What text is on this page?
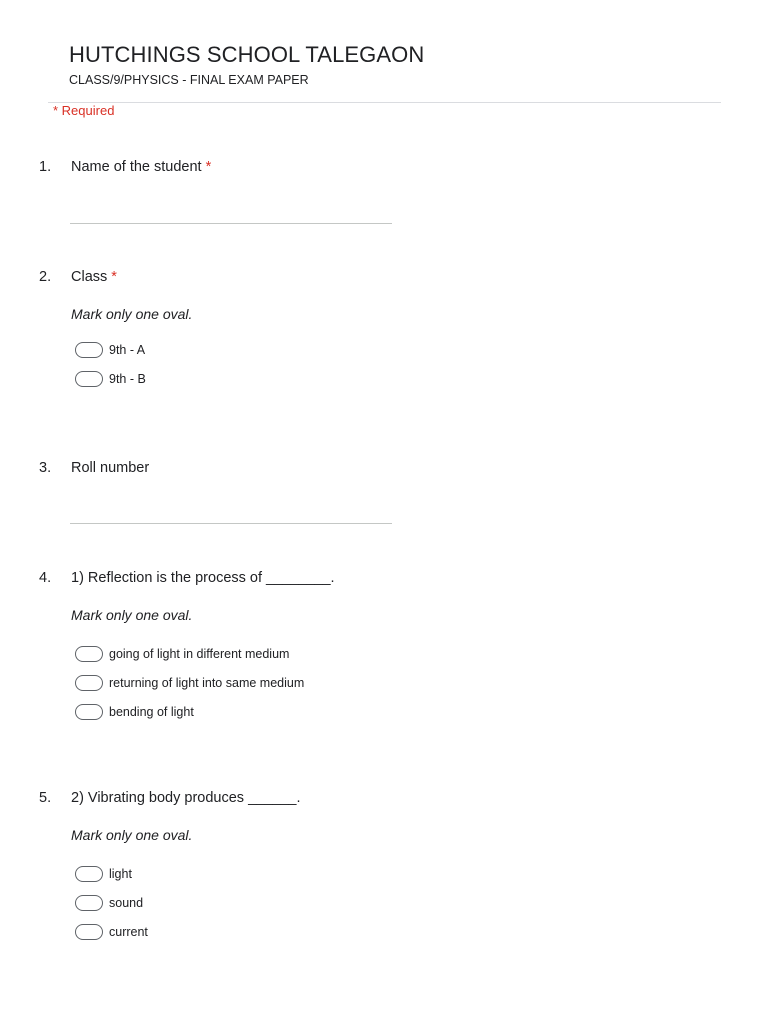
HUTCHINGS SCHOOL TALEGAON
CLASS/9/PHYSICS - FINAL EXAM PAPER
* Required
1. Name of the student *
2. Class *
Mark only one oval.
9th - A
9th - B
3. Roll number
4. 1) Reflection is the process of ________.
Mark only one oval.
going of light in different medium
returning of light into same medium
bending of light
5. 2) Vibrating body produces ______.
Mark only one oval.
light
sound
current
